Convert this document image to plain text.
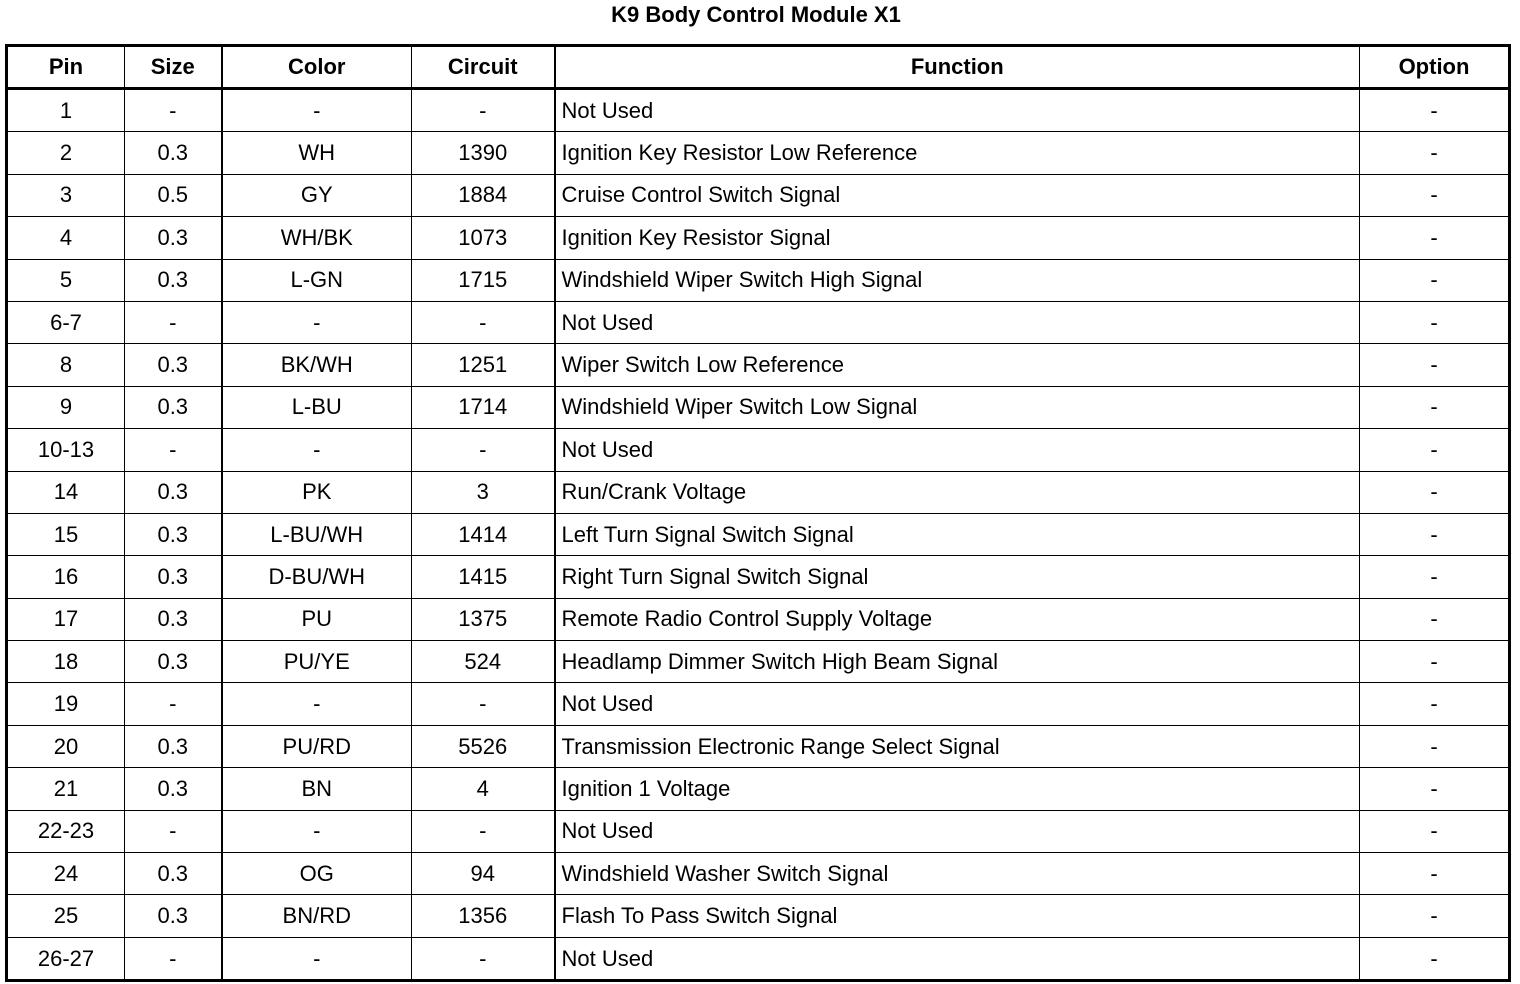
K9 Body Control Module X1
Pin	Size	Color	Circuit	Function	Option
1	-	-	-	Not Used	-
2	0.3	WH	1390	Ignition Key Resistor Low Reference	-
3	0.5	GY	1884	Cruise Control Switch Signal	-
4	0.3	WH/BK	1073	Ignition Key Resistor Signal	-
5	0.3	L-GN	1715	Windshield Wiper Switch High Signal	-
6-7	-	-	-	Not Used	-
8	0.3	BK/WH	1251	Wiper Switch Low Reference	-
9	0.3	L-BU	1714	Windshield Wiper Switch Low Signal	-
10-13	-	-	-	Not Used	-
14	0.3	PK	3	Run/Crank Voltage	-
15	0.3	L-BU/WH	1414	Left Turn Signal Switch Signal	-
16	0.3	D-BU/WH	1415	Right Turn Signal Switch Signal	-
17	0.3	PU	1375	Remote Radio Control Supply Voltage	-
18	0.3	PU/YE	524	Headlamp Dimmer Switch High Beam Signal	-
19	-	-	-	Not Used	-
20	0.3	PU/RD	5526	Transmission Electronic Range Select Signal	-
21	0.3	BN	4	Ignition 1 Voltage	-
22-23	-	-	-	Not Used	-
24	0.3	OG	94	Windshield Washer Switch Signal	-
25	0.3	BN/RD	1356	Flash To Pass Switch Signal	-
26-27	-	-	-	Not Used	-
